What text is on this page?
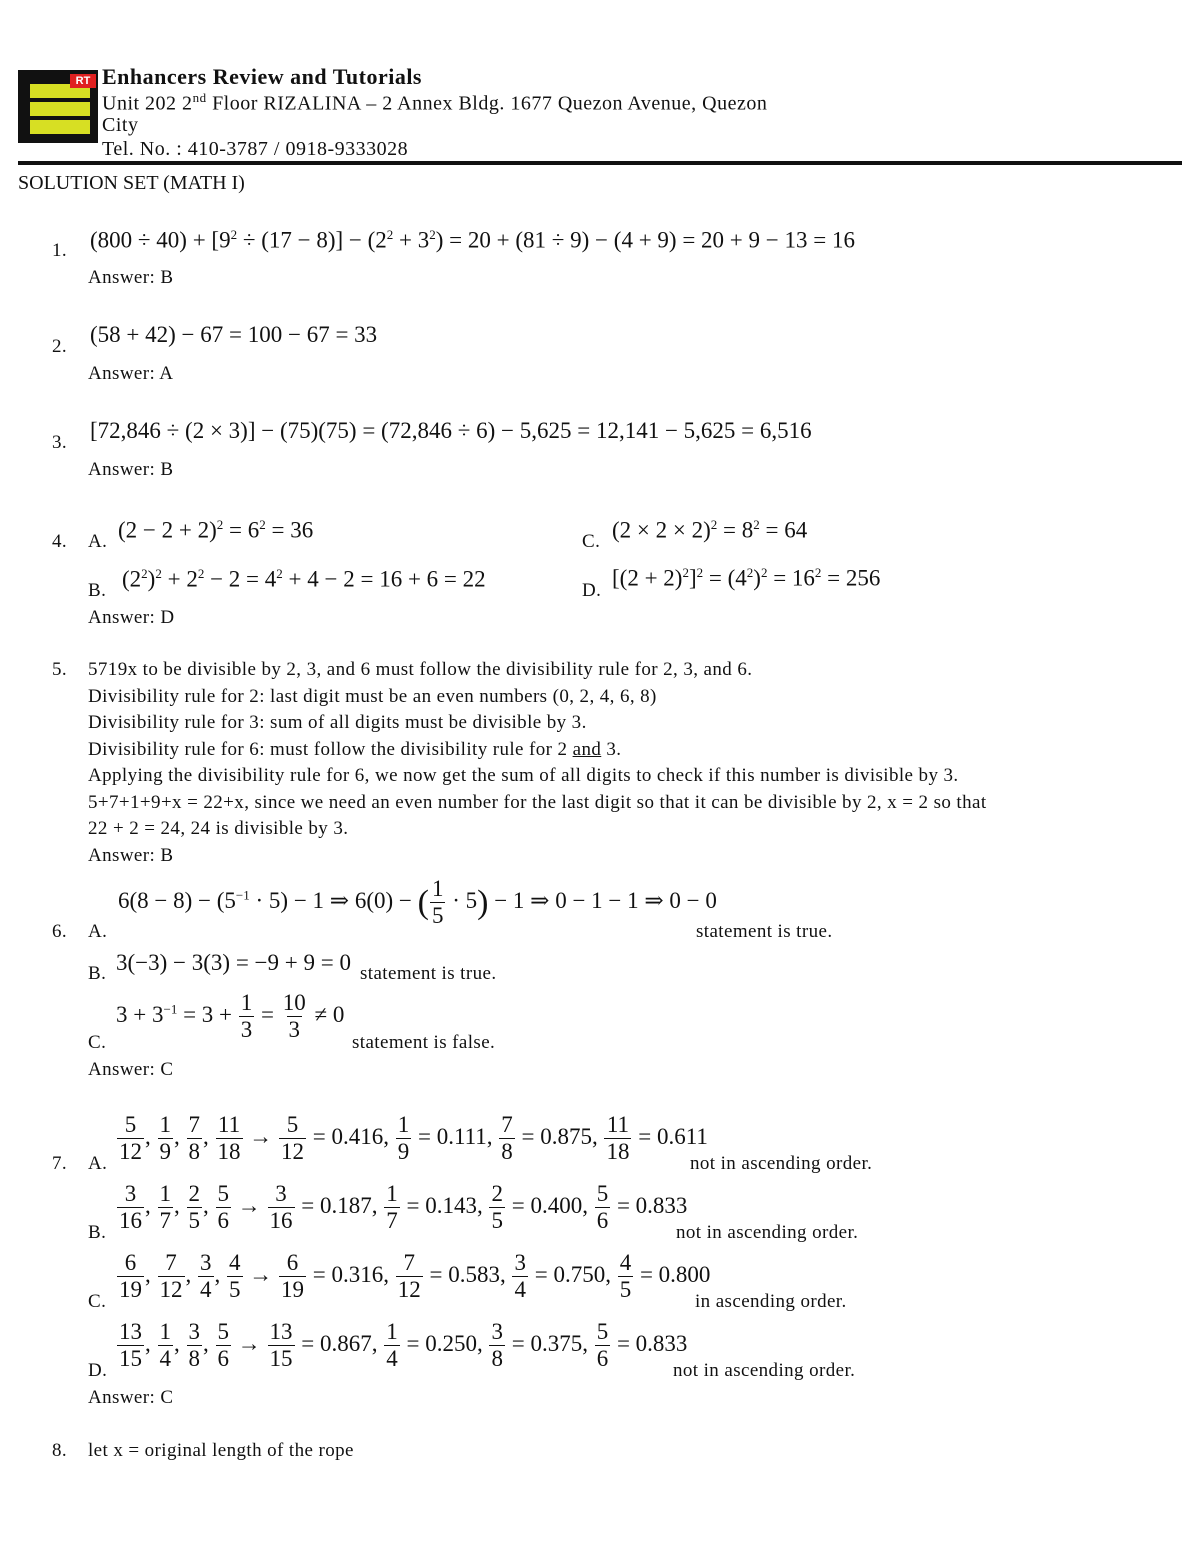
RT Enhancers Review and Tutorials
Unit 202 2nd Floor RIZALINA – 2 Annex Bldg. 1677 Quezon Avenue, Quezon
City
Tel. No. : 410-3787 / 0918-9333028
SOLUTION SET (MATH I)
1. $(800 \div 40) + [9^2 \div (17 - 8)] - (2^2 + 3^2) = 20 + (81 \div 9) - (4 + 9) = 20 + 9 - 13 = 16$
Answer: B
2. (58 + 42) − 67 = 100 − 67 = 33
Answer: A
3. [72,846 ÷ (2 × 3)] − (75)(75) = (72,846 ÷ 6) − 5,625 = 12,141 − 5,625 = 6,516
Answer: B
4. A. $(2 - 2 + 2)^2 = 6^2 = 36$	C. $(2 \times 2 \times 2)^2 = 8^2 = 64$
B. $(2^2)^2 + 2^2 - 2 = 4^2 + 4 - 2 = 16 + 6 = 22$	D. $[(2 + 2)^2]^2 = (4^2)^2 = 16^2 = 256$
Answer: D
5. 5719x to be divisible by 2, 3, and 6 must follow the divisibility rule for 2, 3, and 6.
Divisibility rule for 2: last digit must be an even numbers (0, 2, 4, 6, 8)
Divisibility rule for 3: sum of all digits must be divisible by 3.
Divisibility rule for 6: must follow the divisibility rule for 2 and 3.
Applying the divisibility rule for 6, we now get the sum of all digits to check if this number is divisible by 3.
5+7+1+9+x = 22+x, since we need an even number for the last digit so that it can be divisible by 2, x = 2 so that
22 + 2 = 24, 24 is divisible by 3.
Answer: B
6. A.
$6(8 - 8) - (5^{-1} \cdot 5) - 1$ ⇒ 6(0) − ( $\frac{1}{5} \cdot 5) - 1$ ⇒ 0 − 1 − 1 ⇒ 0 − 0
statement is true.
B. 3(−3) − 3(3) = −9 + 9 = 0 statement is true.
C.
$3 + 3^{-1} = 3 + \frac{1}{3} = \frac{10}{3} \ne 0$
statement is false.
Answer: C
7. A. $\frac{5}{12}$ , $\frac{1}{9}$ , $\frac{7}{8}$ , $\frac{11}{18} \to \frac{5}{12} = 0.416$, $\frac{1}{9} = 0.111$, $\frac{7}{8} = 0.875$, $\frac{11}{18} = 0.611$
not in ascending order.
B. $\frac{3}{16}$ , $\frac{1}{7}$ , $\frac{2}{5}$ , $\frac{5}{6} \to \frac{3}{16} = 0.187$, $\frac{1}{7} = 0.143$, $\frac{2}{5} = 0.400$, $\frac{5}{6} = 0.833$
not in ascending order.
C. $\frac{6}{19}$ , $\frac{7}{12}$ , $\frac{3}{4}$ , $\frac{4}{5} \to \frac{6}{19} = 0.316$, $\frac{7}{12} = 0.583$, $\frac{3}{4} = 0.750$, $\frac{4}{5} = 0.800$
in ascending order.
D. $\frac{13}{15}$ , $\frac{1}{4}$ , $\frac{3}{8}$ , $\frac{5}{6} \to \frac{13}{15} = 0.867$, $\frac{1}{4} = 0.250$, $\frac{3}{8} = 0.375$, $\frac{5}{6} = 0.833$
not in ascending order.
Answer: C
8. let x = original length of the rope
